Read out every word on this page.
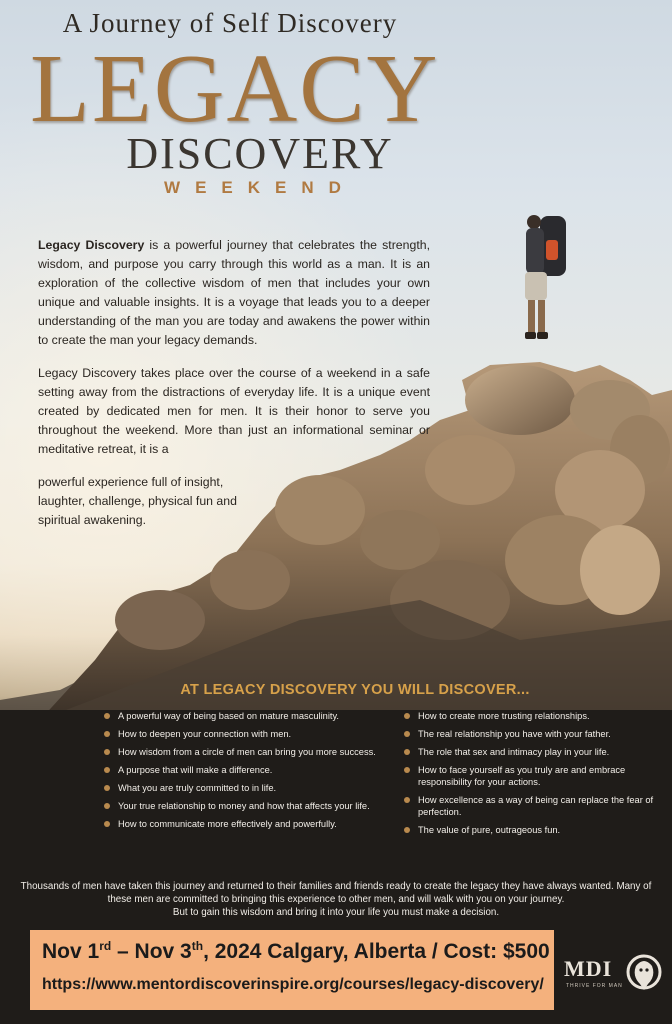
A Journey of Self Discovery
LEGACY
DISCOVERY
WEEKEND

Legacy Discovery is a powerful journey that celebrates the strength, wisdom, and purpose you carry through this world as a man. It is an exploration of the collective wisdom of men that includes your own unique and valuable insights. It is a voyage that leads you to a deeper understanding of the man you are today and awakens the power within to create the man your legacy demands.

Legacy Discovery takes place over the course of a weekend in a safe setting away from the distractions of everyday life. It is a unique event created by dedicated men for men. It is their honor to serve you throughout the weekend. More than just an informational seminar or meditative retreat, it is a

powerful experience full of insight, laughter, challenge, physical fun and spiritual awakening.

AT LEGACY DISCOVERY YOU WILL DISCOVER...
A powerful way of being based on mature masculinity.
How to deepen your connection with men.
How wisdom from a circle of men can bring you more success.
A purpose that will make a difference.
What you are truly committed to in life.
Your true relationship to money and how that affects your life.
How to communicate more effectively and powerfully.
How to create more trusting relationships.
The real relationship you have with your father.
The role that sex and intimacy play in your life.
How to face yourself as you truly are and embrace responsibility for your actions.
How excellence as a way of being can replace the fear of perfection.
The value of pure, outrageous fun.
Thousands of men have taken this journey and returned to their families and friends ready to create the legacy they have always wanted. Many of these men are committed to bringing this experience to other men, and will walk with you on your journey.
But to gain this wisdom and bring it into your life you must make a decision.
Nov 1rd – Nov 3th, 2024 Calgary, Alberta / Cost: $500
https://www.mentordiscoverinspire.org/courses/legacy-discovery/
MDI
THRIVE FOR MAN
